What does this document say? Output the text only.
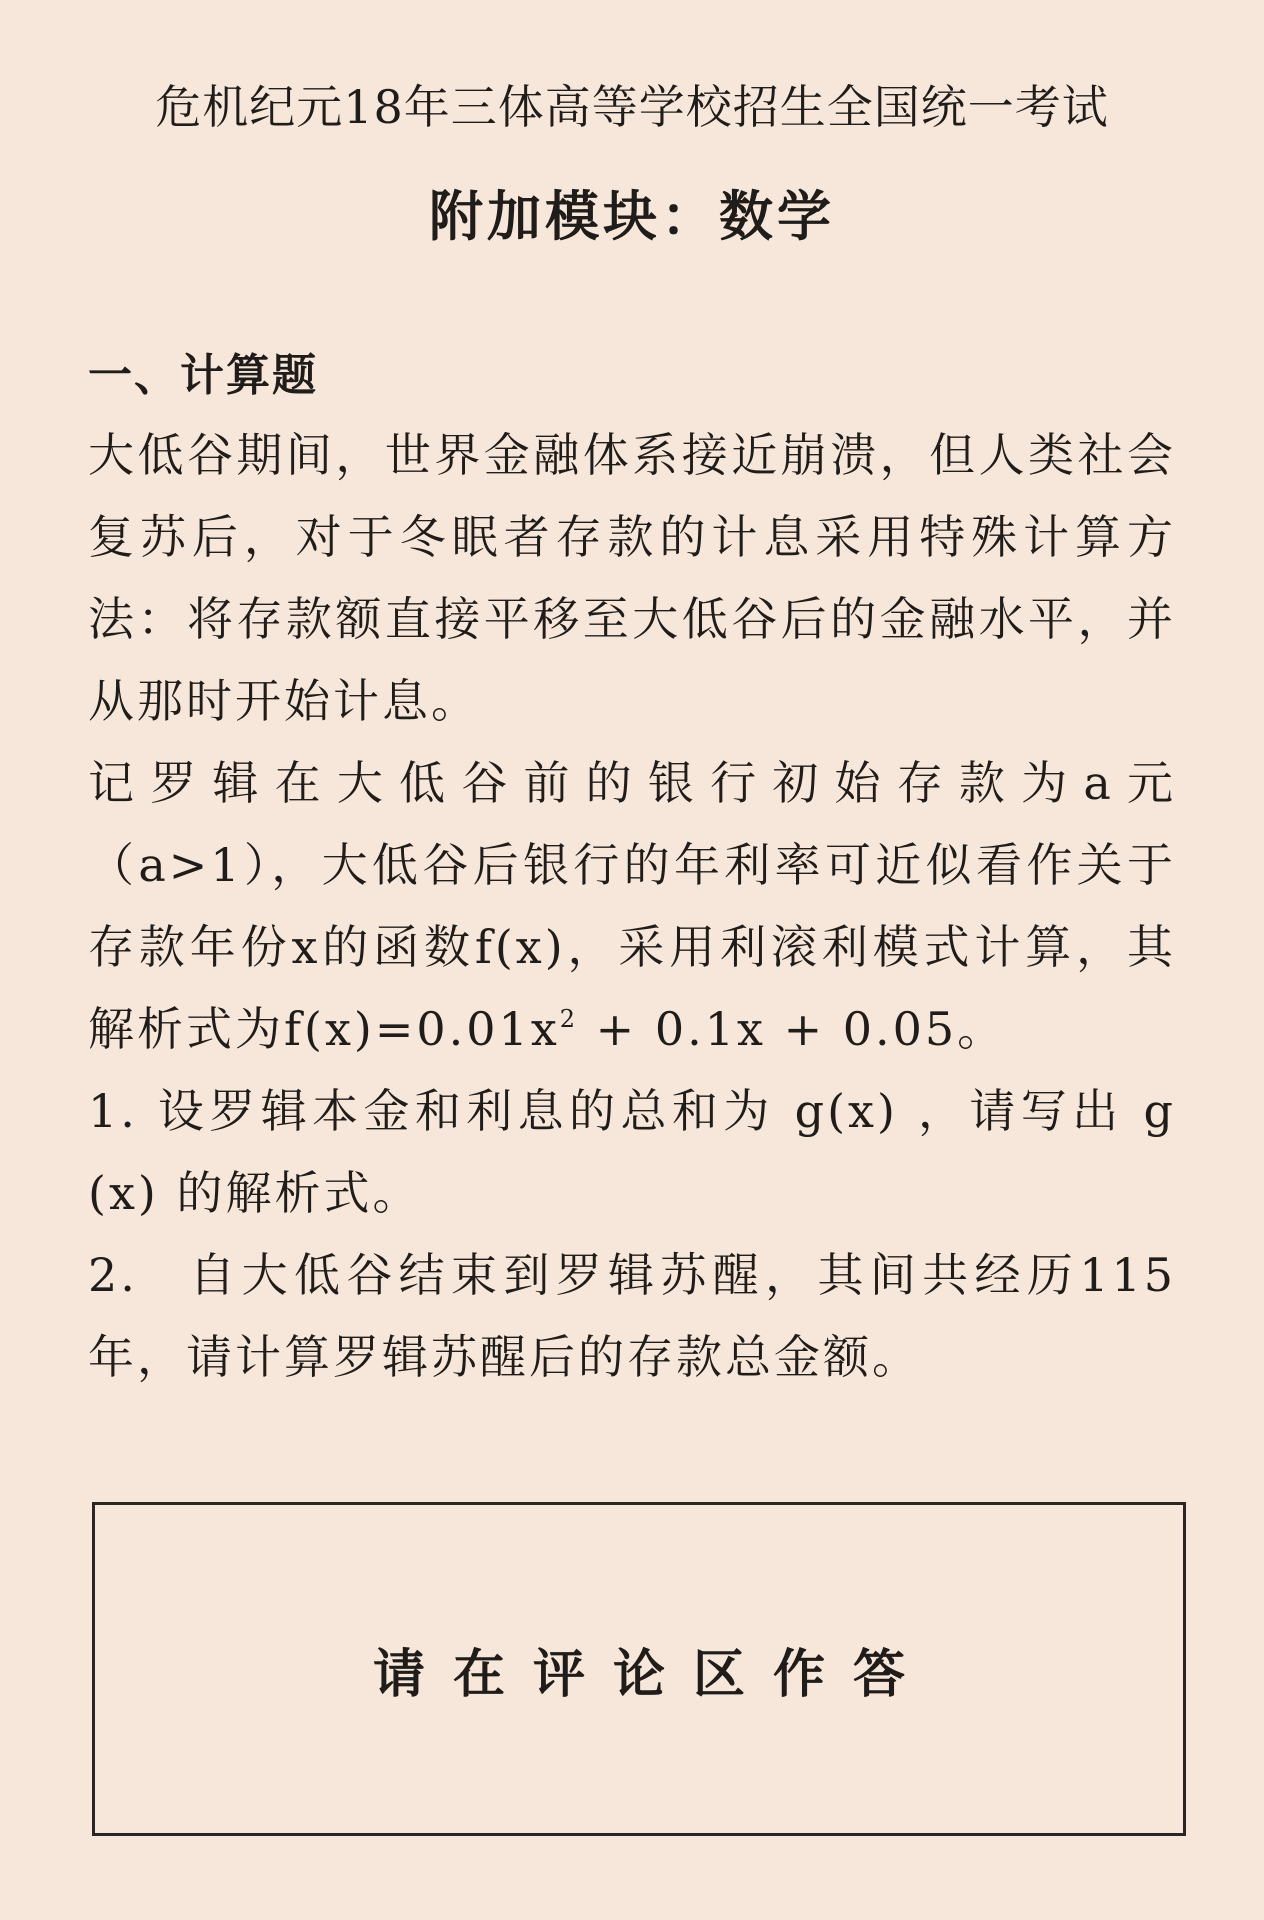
危机纪元18年三体高等学校招生全国统一考试
附加模块：数学
一、计算题

大低谷期间，世界金融体系接近崩溃，但人类社会复苏后，对于冬眠者存款的计息采用特殊计算方法：将存款额直接平移至大低谷后的金融水平，并从那时开始计息。

记罗辑在大低谷前的银行初始存款为a元（a>1），大低谷后银行的年利率可近似看作关于存款年份x的函数f(x)，采用利滚利模式计算，其解析式为$f(x)=0.01x^2 + 0.1x + 0.05$。

1. 设罗辑本金和利息的总和为 g(x) ，请写出 g (x) 的解析式。

2. 自大低谷结束到罗辑苏醒，其间共经历115年，请计算罗辑苏醒后的存款总金额。

请在评论区作答
